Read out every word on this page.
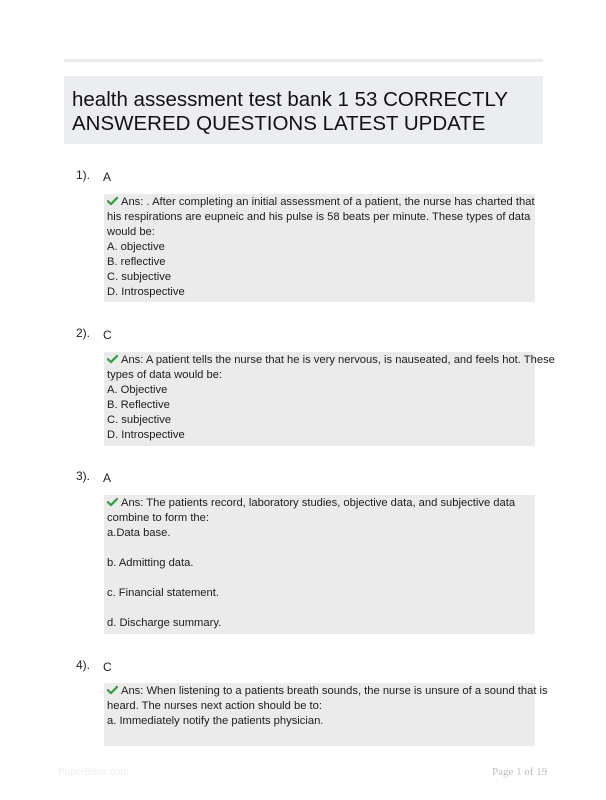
health assessment test bank 1 53 CORRECTLY ANSWERED QUESTIONS LATEST UPDATE
1). A
Ans: . After completing an initial assessment of a patient, the nurse has charted that
his respirations are eupneic and his pulse is 58 beats per minute. These types of data
would be:
A. objective
B. reflective
C. subjective
D. Introspective
2). C
Ans: A patient tells the nurse that he is very nervous, is nauseated, and feels hot. These
types of data would be:
A. Objective
B. Reflective
C. subjective
D. Introspective
3). A
Ans: The patients record, laboratory studies, objective data, and subjective data
combine to form the:
a.Data base.
b. Admitting data.
c. Financial statement.
d. Discharge summary.
4). C
Ans: When listening to a patients breath sounds, the nurse is unsure of a sound that is
heard. The nurses next action should be to:
a. Immediately notify the patients physician.
PaperBible.com	Page 1 of 19
